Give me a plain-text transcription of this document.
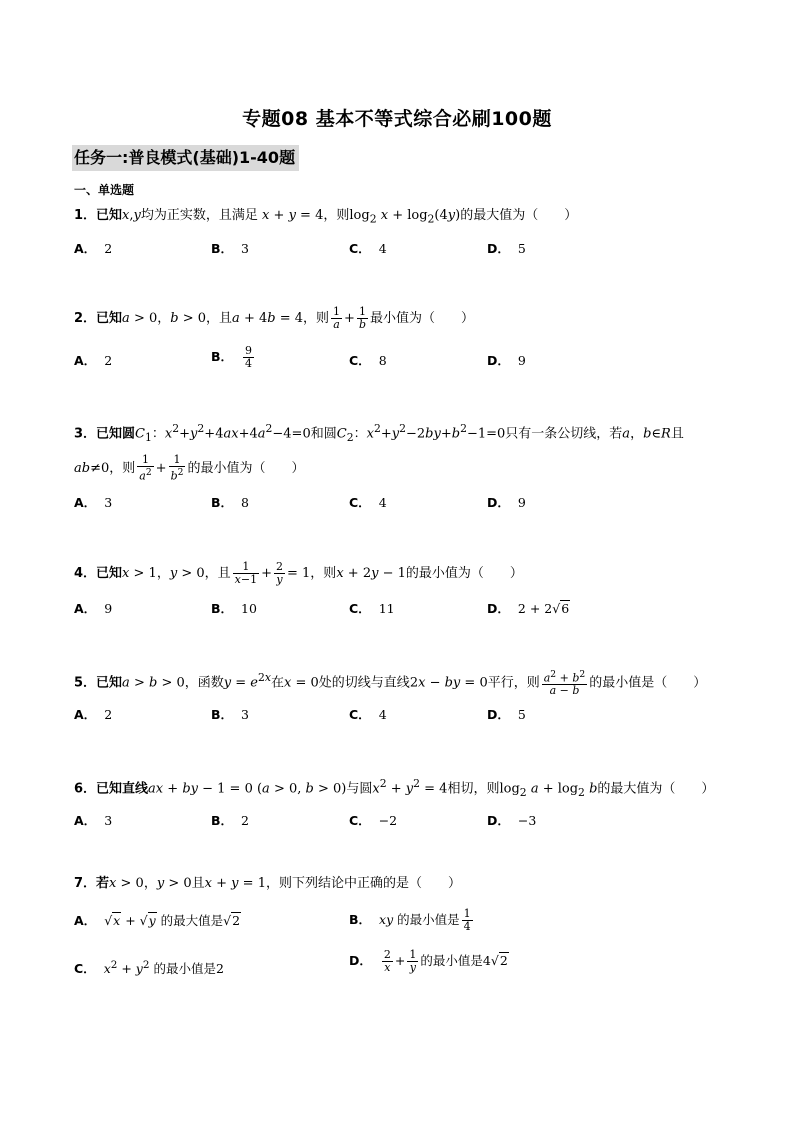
专题08 基本不等式综合必刷100题
任务一:普良模式(基础)1-40题
一、单选题
1．已知x,y均为正实数，且满足 x + y = 4，则$\log_2 x + \log_2(4y)$的最大值为（　　）
A． 2	B． 3	C． 4	D． 5
2．已知a > 0，b > 0，且a + 4b = 4，则 $\frac{1}{a} + \frac{1}{b}$ 最小值为（　　）
A． 2	B． $\frac{9}{4}$	C． 8	D． 9
3．已知圆$C_1$：$x^2+y^2+4ax+4a^2-4=0$和圆$C_2$：$x^2+y^2-2by+b^2-1=0$只有一条公切线，若a，b∈R且
ab≠0，则 $\frac{1}{a^2} + \frac{1}{b^2}$ 的最小值为（　　）
A． 3	B． 8	C． 4	D． 9
4．已知x > 1，y > 0，且 $\frac{1}{x-1} + \frac{2}{y} = 1$，则x + 2y − 1的最小值为（　　）
A． 9	B． 10	C． 11	D． 2 + 2√6
5．已知a > b > 0，函数$y = e^{2x}$在x = 0处的切线与直线2x − by = 0平行，则 $\frac{a^2 + b^2}{a - b}$ 的最小值是（　　）
A． 2	B． 3	C． 4	D． 5
6．已知直线ax + by − 1 = 0 (a > 0, b > 0)与圆$x^2 + y^2 = 4$相切，则$\log_2 a + \log_2 b$的最大值为（　　）
A． 3	B． 2	C． −2	D． −3
7．若x > 0，y > 0且x + y = 1，则下列结论中正确的是（　　）
A． √x + √y 的最大值是√2	B． xy 的最小值是 $\frac{1}{4}$
C． $x^2 + y^2$ 的最小值是2
D． $\frac{2}{x} + \frac{1}{y}$ 的最小值是4√2
